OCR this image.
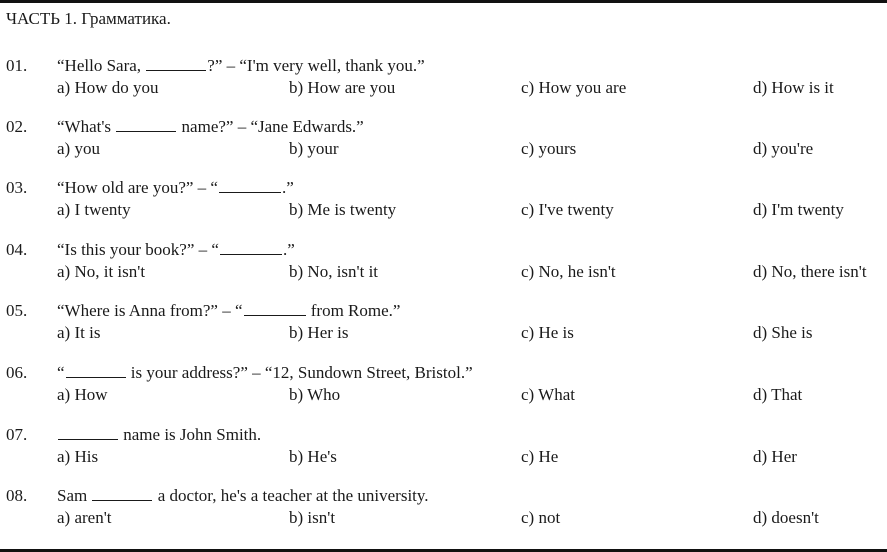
ЧАСТЬ 1. Грамматика.
01. “Hello Sara,	?” – “I'm very well, thank you.”
a) How do you	b) How are you	c) How you are	d) How is it
02. “What's	name?” – “Jane Edwards.”
a) you	b) your	c) yours	d) you're
03. “How old are you?” – “	.”
a) I twenty	b) Me is twenty	c) I've twenty	d) I'm twenty
04. “Is this your book?” – “	.”
a) No, it isn't	b) No, isn't it	c) No, he isn't	d) No, there isn't
05. “Where is Anna from?” – “	from Rome.”
a) It is	b) Her is	c) He is	d) She is
06. “	is your address?” – “12, Sundown Street, Bristol.”
a) How	b) Who	c) What	d) That
07.	name is John Smith.
a) His	b) He's	c) He	d) Her
08. Sam	a doctor, he's a teacher at the university.
a) aren't	b) isn't	c) not	d) doesn't
